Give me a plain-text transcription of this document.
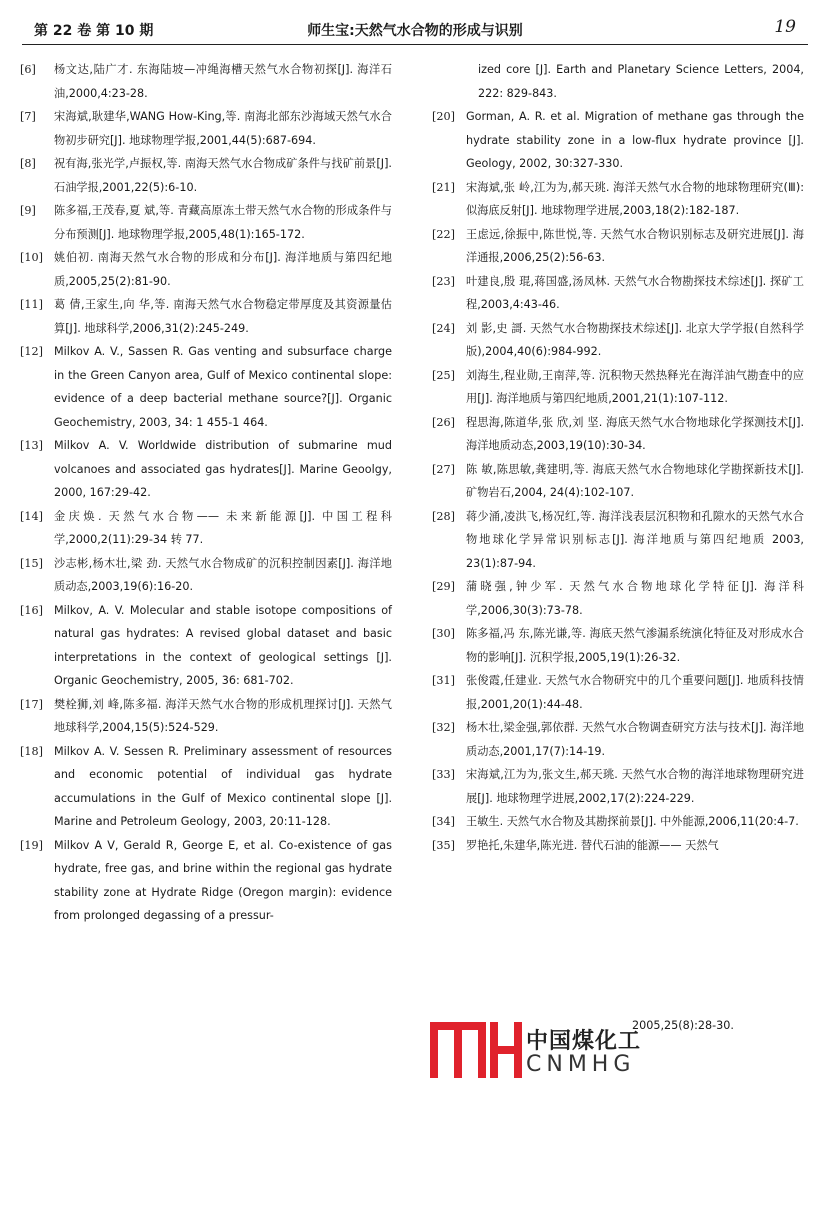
第 22 卷 第 10 期	师生宝:天然气水合物的形成与识别	19

[6]	杨文达,陆广才. 东海陆坡—冲绳海槽天然气水合物初探[J]. 海洋石油,2000,4:23-28.

[7]	宋海斌,耿建华,WANG How-King,等. 南海北部东沙海域天然气水合物初步研究[J]. 地球物理学报,2001,44(5):687-694.

[8]	祝有海,张光学,卢振权,等. 南海天然气水合物成矿条件与找矿前景[J]. 石油学报,2001,22(5):6-10.

[9]	陈多福,王茂春,夏 斌,等. 青藏高原冻土带天然气水合物的形成条件与分布预测[J]. 地球物理学报,2005,48(1):165-172.

[10] 姚伯初. 南海天然气水合物的形成和分布[J]. 海洋地质与第四纪地质,2005,25(2):81-90.

[11] 葛 倩,王家生,向 华,等. 南海天然气水合物稳定带厚度及其资源量估算[J]. 地球科学,2006,31(2):245-249.

[12] Milkov A. V., Sassen R. Gas venting and subsurface charge in the Green Canyon area, Gulf of Mexico continental slope: evidence of a deep bacterial methane source?[J]. Organic Geochemistry, 2003, 34: 1 455-1 464.

[13] Milkov A. V. Worldwide distribution of submarine mud volcanoes and associated gas hydrates[J]. Marine Geoolgy, 2000, 167:29-42.

[14] 金庆焕. 天然气水合物—— 未来新能源[J]. 中国工程科学,2000,2(11):29-34 转 77.

[15] 沙志彬,杨木壮,梁 劲. 天然气水合物成矿的沉积控制因素[J]. 海洋地质动态,2003,19(6):16-20.

[16] Milkov, A. V. Molecular and stable isotope compositions of natural gas hydrates: A revised global dataset and basic interpretations in the context of geological settings [J]. Organic Geochemistry, 2005, 36: 681-702.

[17] 樊栓狮,刘 峰,陈多福. 海洋天然气水合物的形成机理探讨[J]. 天然气地球科学,2004,15(5):524-529.

[18] Milkov A. V. Sessen R. Preliminary assessment of resources and economic potential of individual gas hydrate accumulations in the Gulf of Mexico continental slope [J]. Marine and Petroleum Geology, 2003, 20:11-128.

[19] Milkov A V, Gerald R, George E, et al. Co-existence of gas hydrate, free gas, and brine within the regional gas hydrate stability zone at Hydrate Ridge (Oregon margin): evidence from prolonged degassing of a pressur-

ized core [J]. Earth and Planetary Science Letters, 2004, 222: 829-843.

[20] Gorman, A. R. et al. Migration of methane gas through the hydrate stability zone in a low-flux hydrate province [J]. Geology, 2002, 30:327-330.

[21] 宋海斌,张 岭,江为为,郝天珧. 海洋天然气水合物的地球物理研究(Ⅲ):似海底反射[J]. 地球物理学进展,2003,18(2):182-187.

[22] 王虑远,徐振中,陈世悦,等. 天然气水合物识别标志及研究进展[J]. 海洋通报,2006,25(2):56-63.

[23] 叶建良,殷 琨,蒋国盛,汤凤林. 天然气水合物勘探技术综述[J]. 探矿工程,2003,4:43-46.

[24] 刘 影,史 謌. 天然气水合物勘探技术综述[J]. 北京大学学报(自然科学版),2004,40(6):984-992.

[25] 刘海生,程业勋,王南萍,等. 沉积物天然热释光在海洋油气勘查中的应用[J]. 海洋地质与第四纪地质,2001,21(1):107-112.

[26] 程思海,陈道华,张 欣,刘 坚. 海底天然气水合物地球化学探测技术[J]. 海洋地质动态,2003,19(10):30-34.

[27] 陈 敏,陈思敏,龚建明,等. 海底天然气水合物地球化学勘探新技术[J]. 矿物岩石,2004, 24(4):102-107.

[28] 蒋少涌,凌洪飞,杨况红,等. 海洋浅表层沉积物和孔隙水的天然气水合物地球化学异常识别标志[J]. 海洋地质与第四纪地质 2003, 23(1):87-94.

[29] 蒲晓强,钟少军. 天然气水合物地球化学特征[J]. 海洋科学,2006,30(3):73-78.

[30] 陈多福,冯 东,陈光谦,等. 海底天然气渗漏系统演化特征及对形成水合物的影响[J]. 沉积学报,2005,19(1):26-32.

[31] 张俊霞,任建业. 天然气水合物研究中的几个重要问题[J]. 地质科技情报,2001,20(1):44-48.

[32] 杨木壮,梁金强,郭依群. 天然气水合物调查研究方法与技术[J]. 海洋地质动态,2001,17(7):14-19.

[33] 宋海斌,江为为,张文生,郝天珧. 天然气水合物的海洋地球物理研究进展[J]. 地球物理学进展,2002,17(2):224-229.

[34] 王敏生. 天然气水合物及其勘探前景[J]. 中外能源,2006,11(20:4-7.

[35] 罗艳托,朱建华,陈光进. 替代石油的能源—— 天然气

中国煤化工
CNMHG
2005,25(8):28-30.
